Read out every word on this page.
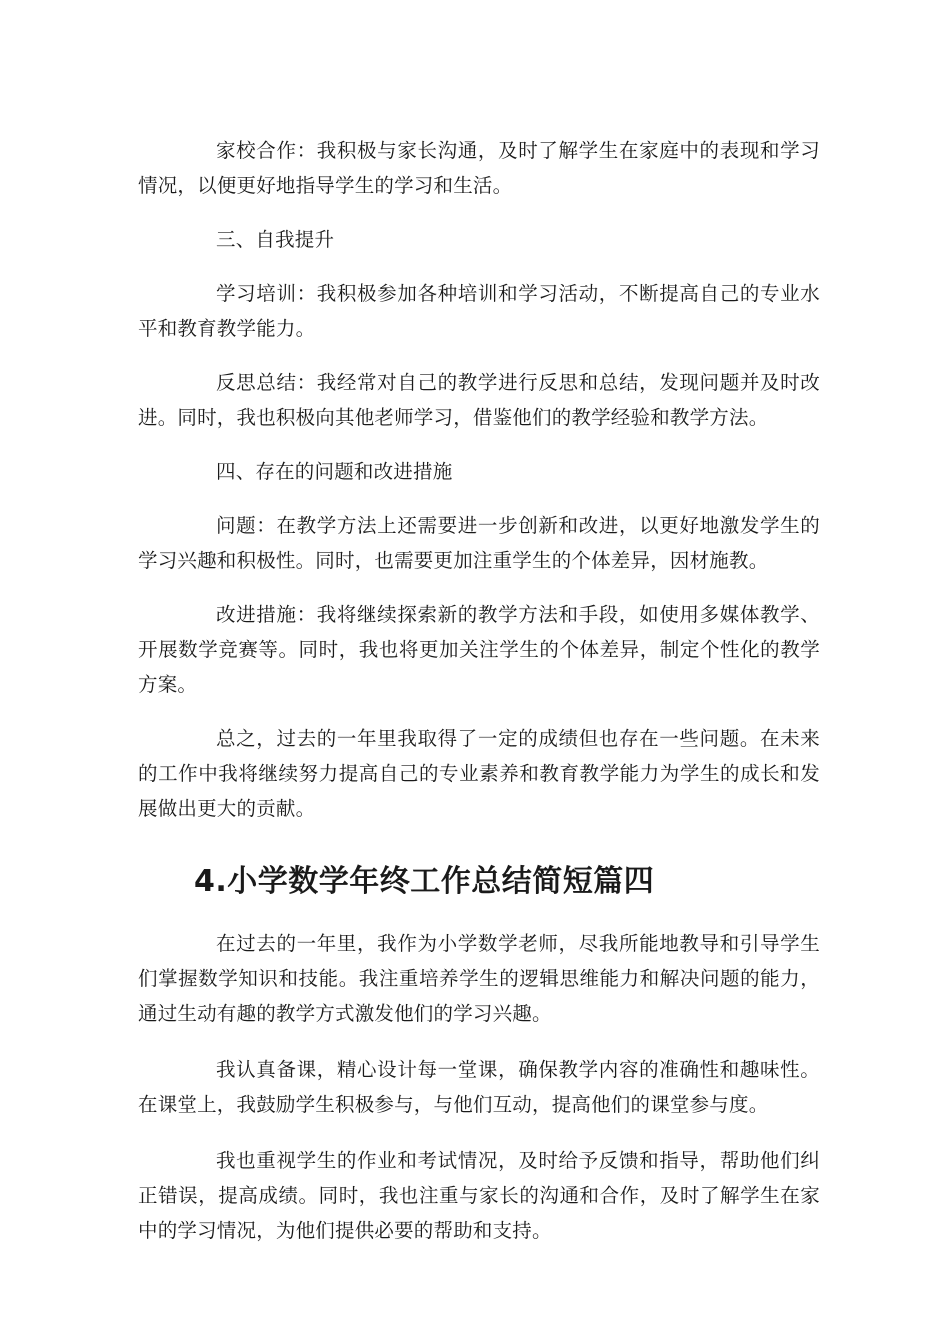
家校合作：我积极与家长沟通，及时了解学生在家庭中的表现和学习情况，以便更好地指导学生的学习和生活。

三、自我提升

学习培训：我积极参加各种培训和学习活动，不断提高自己的专业水平和教育教学能力。

反思总结：我经常对自己的教学进行反思和总结，发现问题并及时改进。同时，我也积极向其他老师学习，借鉴他们的教学经验和教学方法。

四、存在的问题和改进措施

问题：在教学方法上还需要进一步创新和改进，以更好地激发学生的学习兴趣和积极性。同时，也需要更加注重学生的个体差异，因材施教。

改进措施：我将继续探索新的教学方法和手段，如使用多媒体教学、开展数学竞赛等。同时，我也将更加关注学生的个体差异，制定个性化的教学方案。

总之，过去的一年里我取得了一定的成绩但也存在一些问题。在未来的工作中我将继续努力提高自己的专业素养和教育教学能力为学生的成长和发展做出更大的贡献。

4.小学数学年终工作总结简短篇四

在过去的一年里，我作为小学数学老师，尽我所能地教导和引导学生们掌握数学知识和技能。我注重培养学生的逻辑思维能力和解决问题的能力，通过生动有趣的教学方式激发他们的学习兴趣。

我认真备课，精心设计每一堂课，确保教学内容的准确性和趣味性。在课堂上，我鼓励学生积极参与，与他们互动，提高他们的课堂参与度。

我也重视学生的作业和考试情况，及时给予反馈和指导，帮助他们纠正错误，提高成绩。同时，我也注重与家长的沟通和合作，及时了解学生在家中的学习情况，为他们提供必要的帮助和支持。
